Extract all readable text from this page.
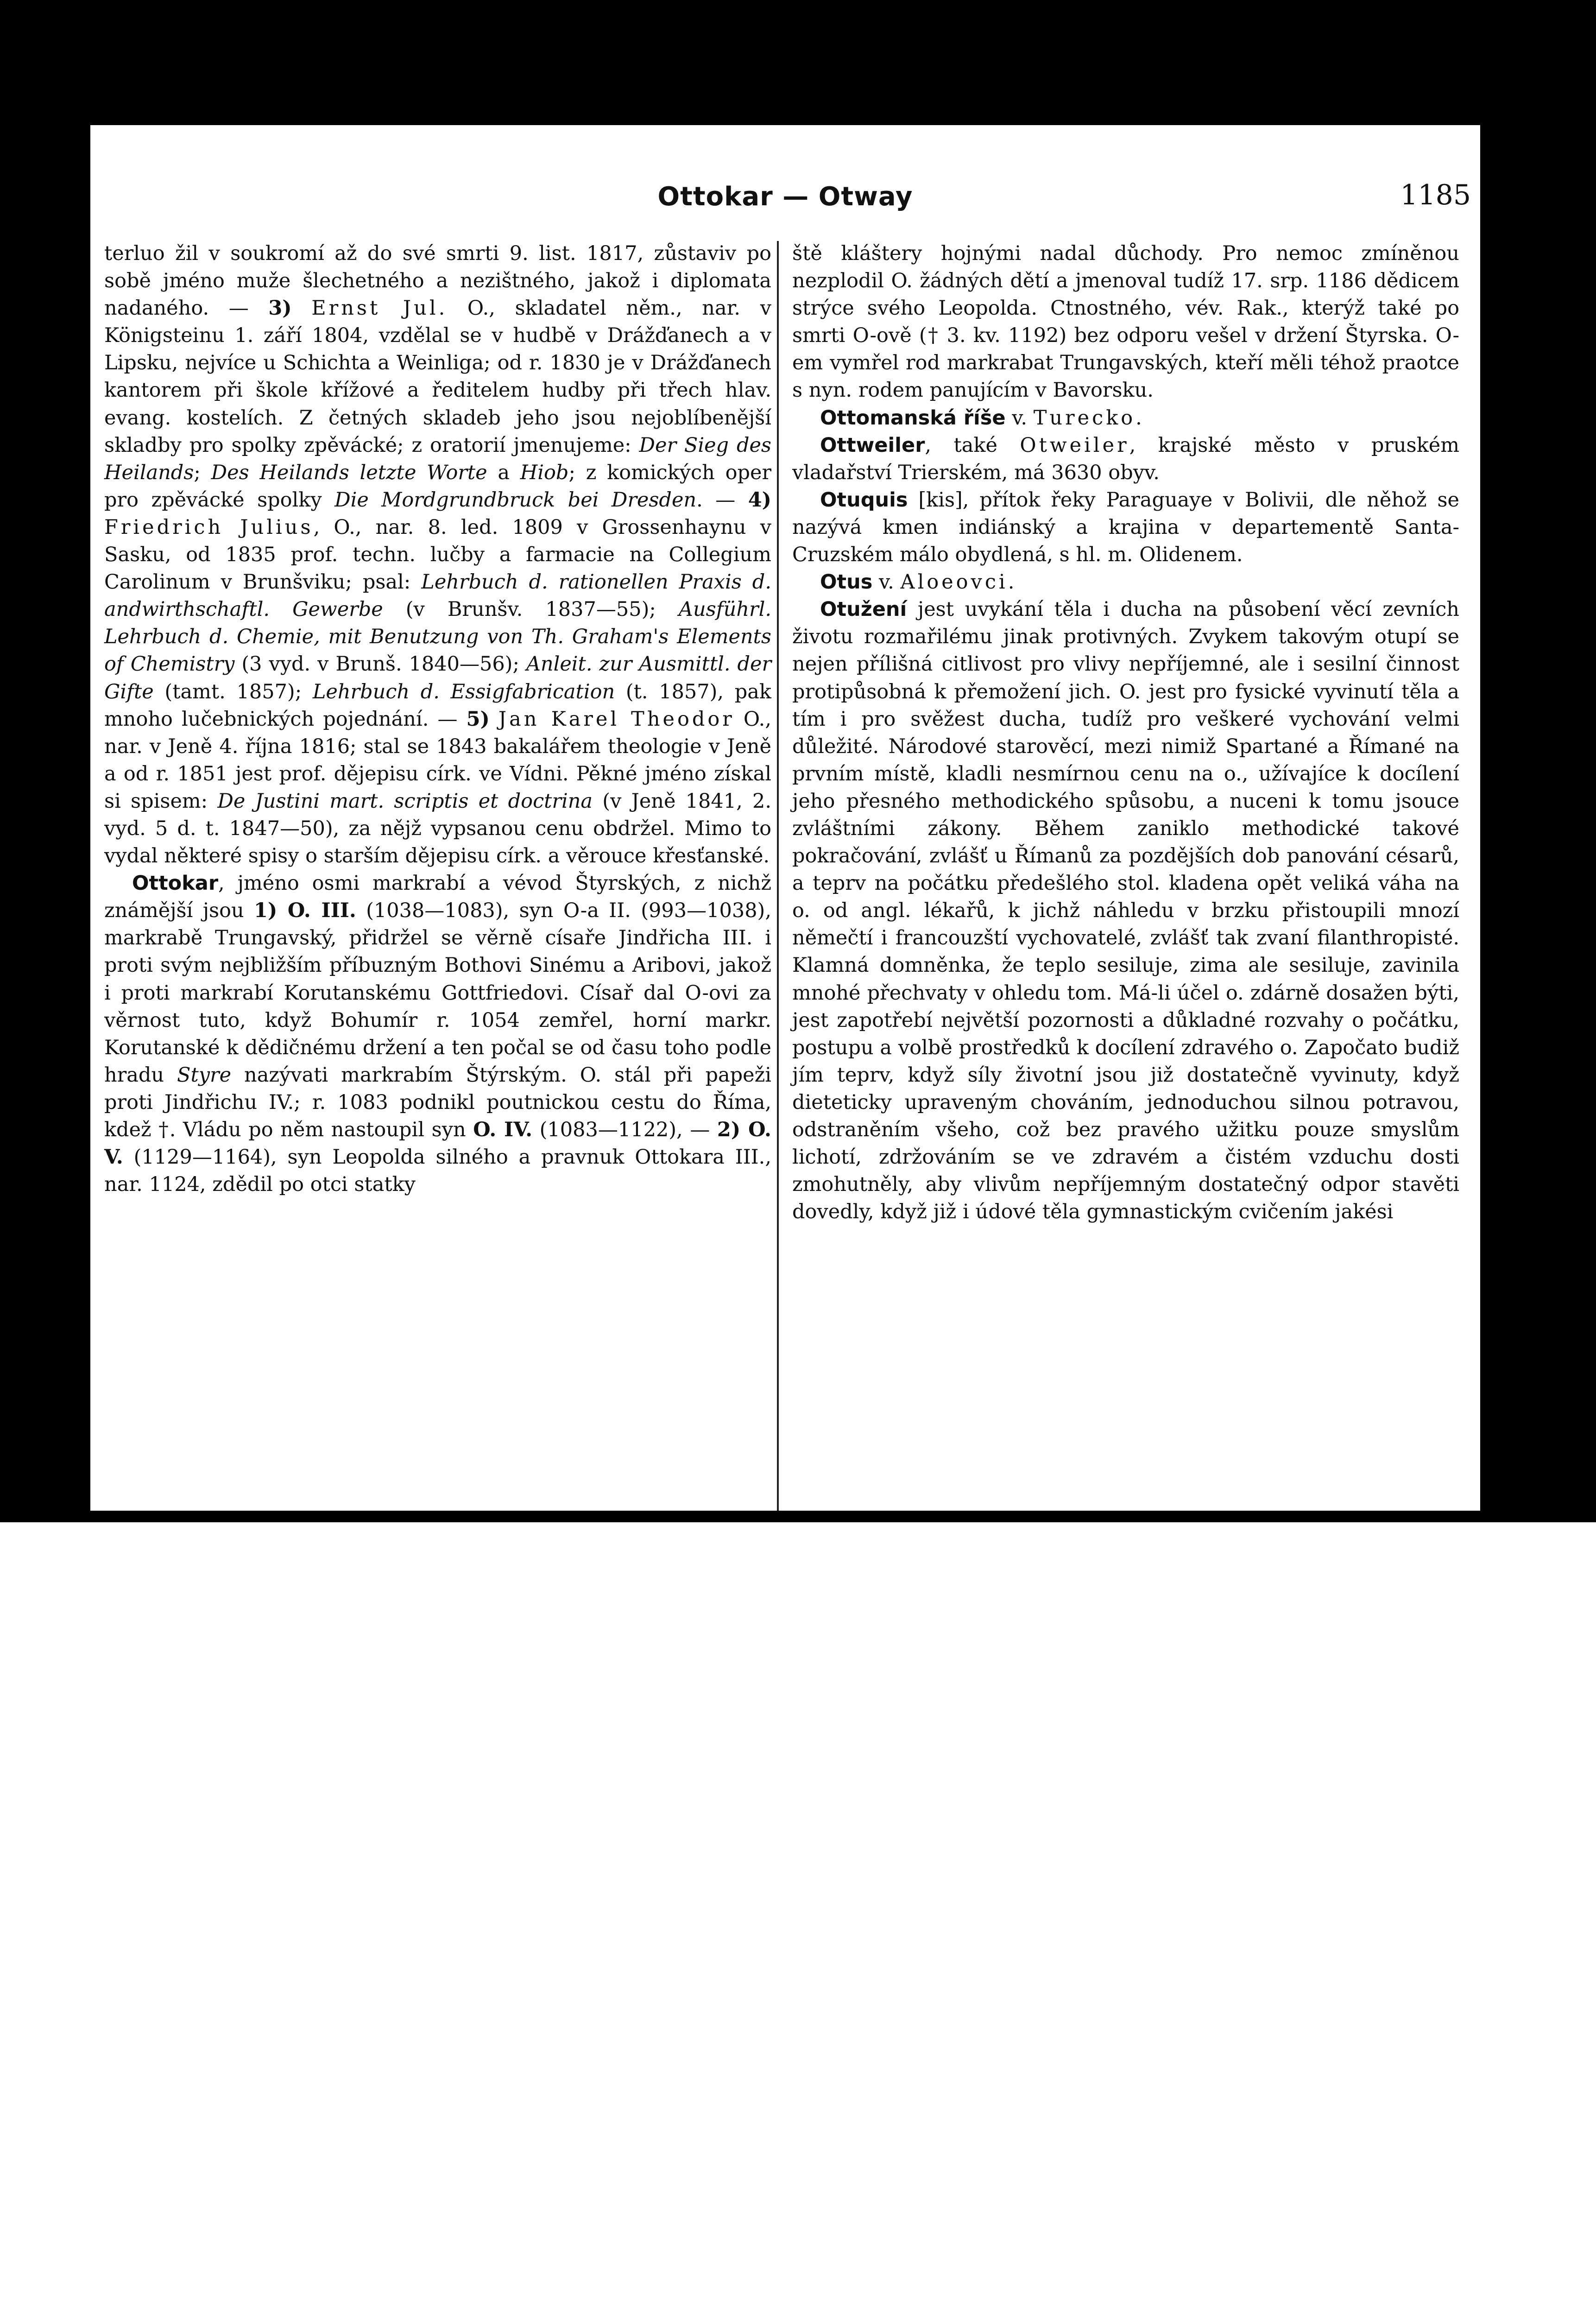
Ottokar — Otway	1185

terluo žil v soukromí až do své smrti 9. list. 1817, zůstaviv po sobě jméno muže šlechetného a nezištného, jakož i diplomata nadaného. — 3) Ernst Jul. O., skladatel něm., nar. v Königsteinu 1. září 1804, vzdělal se v hudbě v Drážďanech a v Lipsku, nejvíce u Schichta a Weinliga; od r. 1830 je v Drážďanech kantorem při škole křížové a ředitelem hudby při třech hlav. evang. kostelích. Z četných skladeb jeho jsou nejoblíbenější skladby pro spolky zpěvácké; z oratorií jmenujeme: Der Sieg des Heilands; Des Heilands letzte Worte a Hiob; z komických oper pro zpěvácké spolky Die Mordgrundbruck bei Dresden. — 4) Friedrich Julius, O., nar. 8. led. 1809 v Grossenhaynu v Sasku, od 1835 prof. techn. lučby a farmacie na Collegium Carolinum v Brunšviku; psal: Lehrbuch d. rationellen Praxis d. andwirthschaftl. Gewerbe (v Brunšv. 1837—55); Ausführl. Lehrbuch d. Chemie, mit Benutzung von Th. Graham's Elements of Chemistry (3 vyd. v Brunš. 1840—56); Anleit. zur Ausmittl. der Gifte (tamt. 1857); Lehrbuch d. Essigfabrication (t. 1857), pak mnoho lučebnických pojednání. — 5) Jan Karel Theodor O., nar. v Jeně 4. října 1816; stal se 1843 bakalářem theologie v Jeně a od r. 1851 jest prof. dějepisu círk. ve Vídni. Pěkné jméno získal si spisem: De Justini mart. scriptis et doctrina (v Jeně 1841, 2. vyd. 5 d. t. 1847—50), za nějž vypsanou cenu obdržel. Mimo to vydal některé spisy o starším dějepisu círk. a věrouce křesťanské.

Ottokar, jméno osmi markrabí a vévod Štyrských, z nichž známější jsou 1) O. III. (1038—1083), syn O-a II. (993—1038), markrabě Trungavský, přidržel se věrně císaře Jindřicha III. i proti svým nejbližším příbuzným Bothovi Sinému a Aribovi, jakož i proti markrabí Korutanskému Gottfriedovi. Císař dal O-ovi za věrnost tuto, když Bohumír r. 1054 zemřel, horní markr. Korutanské k dědičnému držení a ten počal se od času toho podle hradu Styre nazývati markrabím Štýrským. O. stál při papeži proti Jindřichu IV.; r. 1083 podnikl poutnickou cestu do Říma, kdež †. Vládu po něm nastoupil syn O. IV. (1083—1122), — 2) O. V. (1129—1164), syn Leopolda silného a pravnuk Ottokara III., nar. 1124, zdědil po otci statky

ště kláštery hojnými nadal důchody. Pro nemoc zmíněnou nezplodil O. žádných dětí a jmenoval tudíž 17. srp. 1186 dědicem strýce svého Leopolda. Ctnostného, vév. Rak., kterýž také po smrti O-ově († 3. kv. 1192) bez odporu vešel v držení Štyrska. O-em vymřel rod markrabat Trungavských, kteří měli téhož praotce s nyn. rodem panujícím v Bavorsku.

Ottomanská říše v. Turecko.

Ottweiler, také Otweiler, krajské město v pruském vladařství Trierském, má 3630 obyv.

Otuquis [kis], přítok řeky Paraguaye v Bolivii, dle něhož se nazývá kmen indiánský a krajina v departementě Santa-Cruzském málo obydlená, s hl. m. Olidenem.

Otus v. Aloeovci.

Otužení jest uvykání těla i ducha na působení věcí zevních životu rozmařilému jinak protivných. Zvykem takovým otupí se nejen přílišná citlivost pro vlivy nepříjemné, ale i sesilní činnost protipůsobná k přemožení jich. O. jest pro fysické vyvinutí těla a tím i pro svěžest ducha, tudíž pro veškeré vychování velmi důležité. Národové starověcí, mezi nimiž Spartané a Římané na prvním místě, kladli nesmírnou cenu na o., užívajíce k docílení jeho přesného methodického spůsobu, a nuceni k tomu jsouce zvláštními zákony. Během zaniklo methodické takové pokračování, zvlášť u Římanů za pozdějších dob panování césarů, a teprv na počátku předešlého stol. kladena opět veliká váha na o. od angl. lékařů, k jichž náhledu v brzku přistoupili mnozí němečtí i francouzští vychovatelé, zvlášť tak zvaní filanthropisté. Klamná domněnka, že teplo sesiluje, zima ale sesiluje, zavinila mnohé přechvaty v ohledu tom. Má-li účel o. zdárně dosažen býti, jest zapotřebí největší pozornosti a důkladné rozvahy o počátku, postupu a volbě prostředků k docílení zdravého o. Započato budiž jím teprv, když síly životní jsou již dostatečně vyvinuty, když dieteticky upraveným chováním, jednoduchou silnou potravou, odstraněním všeho, což bez pravého užitku pouze smyslům lichotí, zdržováním se ve zdravém a čistém vzduchu dosti zmohutněly, aby vlivům nepříjemným dostatečný odpor stavěti dovedly, když již i údové těla gymnastickým cvičením jakési
